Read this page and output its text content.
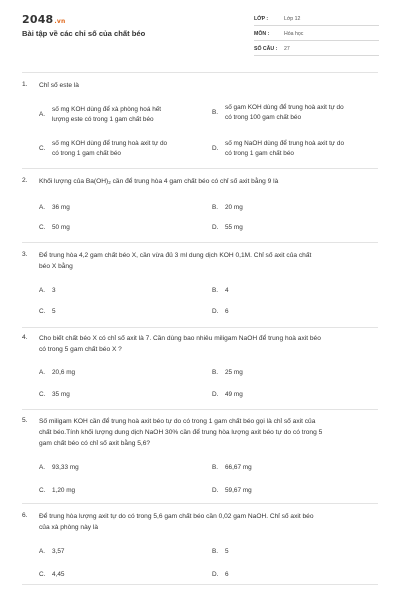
2048.vn
Bài tập về các chỉ số của chất béo
LỚP :	Lớp 12
MÔN :	Hóa học
SỐ CÂU : 27
1. Chỉ số este là
A.
số mg KOH dùng để xà phòng hoá hết
lượng este có trong 1 gam chất béo
B.
số gam KOH dùng để trung hoà axit tự do
có trong 100 gam chất béo
C.
số mg KOH dùng để trung hoà axit tự do
có trong 1 gam chất béo
D.
số mg NaOH dùng để trung hoà axit tự do
có trong 1 gam chất béo
2. Khối lượng của $Ba(OH)_2$ cần để trung hòa 4 gam chất béo có chỉ số axit bằng 9 là
A. 36 mg	B. 20 mg
C. 50 mg	D. 55 mg
3. Để trung hòa 4,2 gam chất béo X, cần vừa đủ 3 ml dung dịch KOH 0,1M. Chỉ số axit của chất
béo X bằng
A. 3	B. 4
C. 5	D. 6
4. Cho biết chất béo X có chỉ số axit là 7. Cần dùng bao nhiêu miligam NaOH để trung hoà axit béo
có trong 5 gam chất béo X ?
A. 20,6 mg	B. 25 mg
C. 35 mg	D. 49 mg
5. Số miligam KOH cần để trung hoà axit béo tự do có trong 1 gam chất béo gọi là chỉ số axit của
chất béo.Tính khối lượng dung dịch NaOH 30% cần để trung hòa lượng axit béo tự do có trong 5
gam chất béo có chỉ số axit bằng 5,6?
A. 93,33 mg	B. 66,67 mg
C. 1,20 mg	D. 59,67 mg
6. Để trung hòa lượng axit tự do có trong 5,6 gam chất béo cần 0,02 gam NaOH. Chỉ số axit béo
của xà phòng này là
A. 3,57	B. 5
C. 4,45	D. 6
